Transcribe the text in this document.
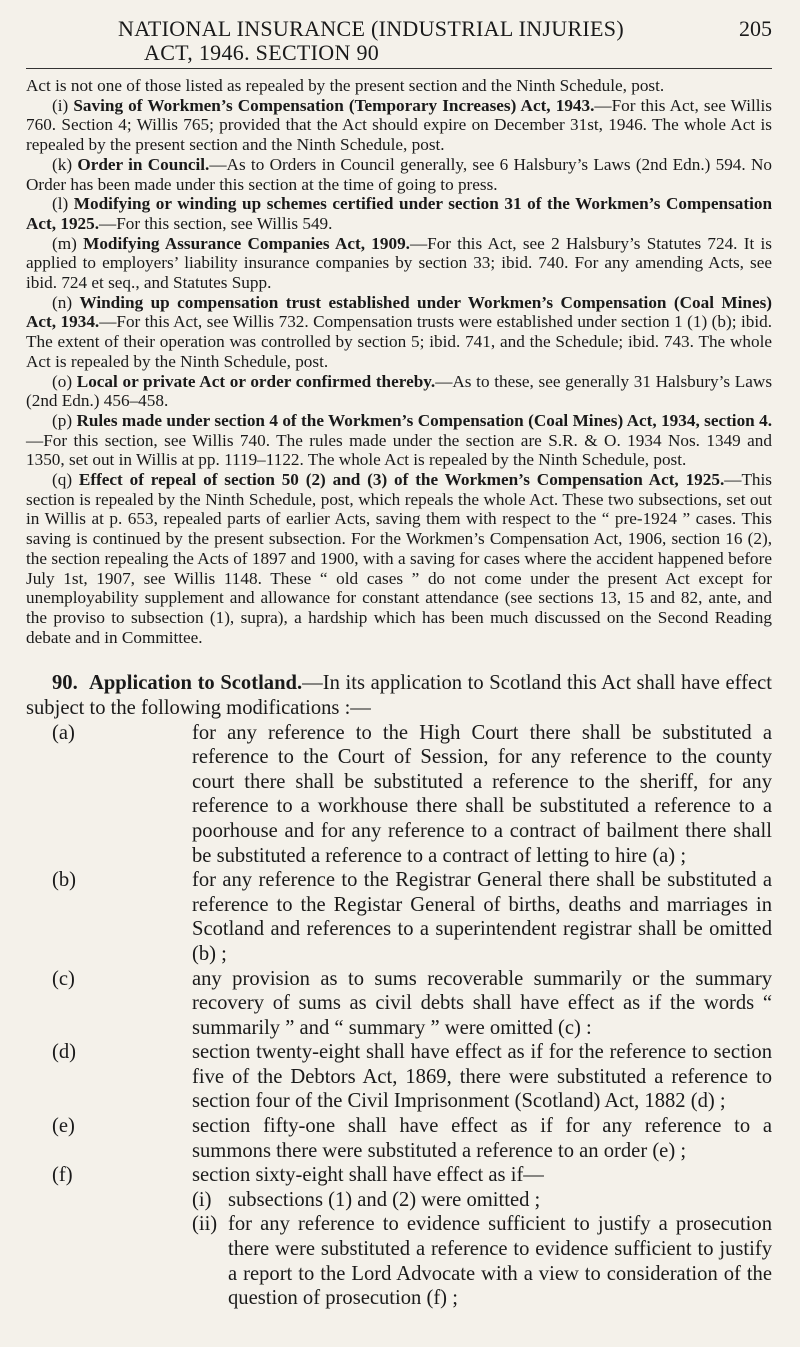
NATIONAL INSURANCE (INDUSTRIAL INJURIES)
ACT, 1946. SECTION 90
205

Act is not one of those listed as repealed by the present section and the Ninth Schedule, post.

(i) Saving of Workmen’s Compensation (Temporary Increases) Act, 1943.—For this Act, see Willis 760. Section 4; Willis 765; provided that the Act should expire on December 31st, 1946. The whole Act is repealed by the present section and the Ninth Schedule, post.

(k) Order in Council.—As to Orders in Council generally, see 6 Halsbury’s Laws (2nd Edn.) 594. No Order has been made under this section at the time of going to press.

(l) Modifying or winding up schemes certified under section 31 of the Workmen’s Compensation Act, 1925.—For this section, see Willis 549.

(m) Modifying Assurance Companies Act, 1909.—For this Act, see 2 Halsbury’s Statutes 724. It is applied to employers’ liability insurance companies by section 33; ibid. 740. For any amending Acts, see ibid. 724 et seq., and Statutes Supp.

(n) Winding up compensation trust established under Workmen’s Compensation (Coal Mines) Act, 1934.—For this Act, see Willis 732. Compensation trusts were established under section 1 (1) (b); ibid. The extent of their operation was controlled by section 5; ibid. 741, and the Schedule; ibid. 743. The whole Act is repealed by the Ninth Schedule, post.

(o) Local or private Act or order confirmed thereby.—As to these, see generally 31 Halsbury’s Laws (2nd Edn.) 456–458.

(p) Rules made under section 4 of the Workmen’s Compensation (Coal Mines) Act, 1934, section 4.—For this section, see Willis 740. The rules made under the section are S.R. & O. 1934 Nos. 1349 and 1350, set out in Willis at pp. 1119–1122. The whole Act is repealed by the Ninth Schedule, post.

(q) Effect of repeal of section 50 (2) and (3) of the Workmen’s Compensation Act, 1925.—This section is repealed by the Ninth Schedule, post, which repeals the whole Act. These two subsections, set out in Willis at p. 653, repealed parts of earlier Acts, saving them with respect to the “ pre-1924 ” cases. This saving is continued by the present subsection. For the Workmen’s Compensation Act, 1906, section 16 (2), the section repealing the Acts of 1897 and 1900, with a saving for cases where the accident happened before July 1st, 1907, see Willis 1148. These “ old cases ” do not come under the present Act except for unemployability supplement and allowance for constant attendance (see sections 13, 15 and 82, ante, and the proviso to subsection (1), supra), a hardship which has been much discussed on the Second Reading debate and in Committee.

90. Application to Scotland.—In its application to Scotland this Act shall have effect subject to the following modifications :—

(a)	for any reference to the High Court there shall be substituted a reference to the Court of Session, for any reference to the county court there shall be substituted a reference to the sheriff, for any reference to a workhouse there shall be substituted a reference to a poorhouse and for any reference to a contract of bailment there shall be substituted a reference to a contract of letting to hire (a) ;

(b)	for any reference to the Registrar General there shall be substituted a reference to the Registar General of births, deaths and marriages in Scotland and references to a superintendent registrar shall be omitted (b) ;

(c)	any provision as to sums recoverable summarily or the summary recovery of sums as civil debts shall have effect as if the words “ summarily ” and “ summary ” were omitted (c) :

(d)	section twenty-eight shall have effect as if for the reference to section five of the Debtors Act, 1869, there were substituted a reference to section four of the Civil Imprisonment (Scotland) Act, 1882 (d) ;

(e)	section fifty-one shall have effect as if for any reference to a summons there were substituted a reference to an order (e) ;

(f)	section sixty-eight shall have effect as if—

(i) subsections (1) and (2) were omitted ;

(ii) for any reference to evidence sufficient to justify a prosecution there were substituted a reference to evidence sufficient to justify a report to the Lord Advocate with a view to consideration of the question of prosecution (f) ;
